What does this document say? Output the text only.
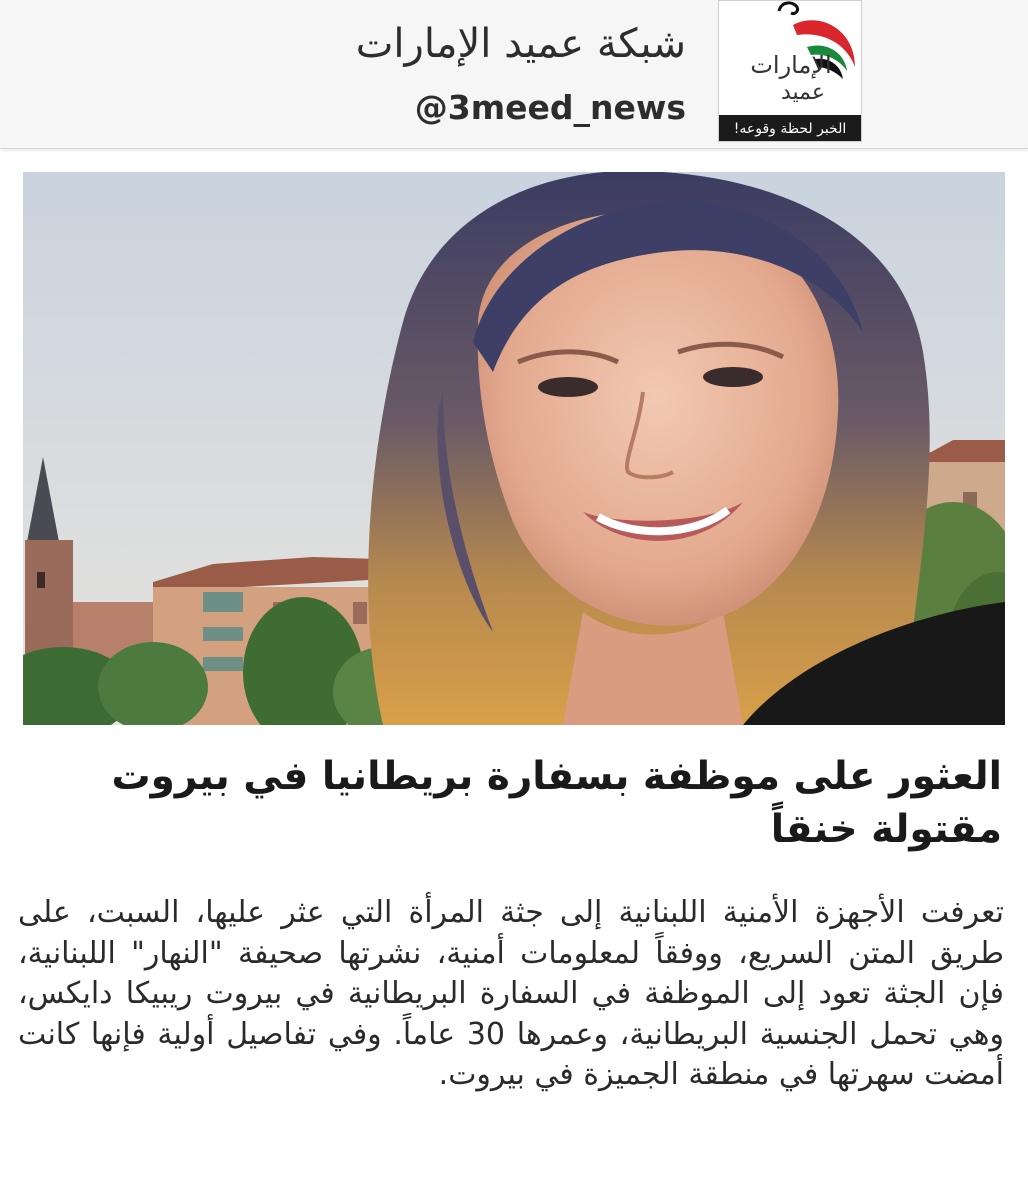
شبكة عميد الإمارات
@3meed_news
الإمارات
عميد
الخبر لحظة وقوعه!
العثور على موظفة بسفارة بريطانيا في بيروت مقتولة خنقاً

تعرفت الأجهزة الأمنية اللبنانية إلى جثة المرأة التي عثر عليها، السبت، على طريق المتن السريع، ووفقاً لمعلومات أمنية، نشرتها صحيفة "النهار" اللبنانية، فإن الجثة تعود إلى الموظفة في السفارة البريطانية في بيروت ريبيكا دايكس، وهي تحمل الجنسية البريطانية، وعمرها 30 عاماً. وفي تفاصيل أولية فإنها كانت أمضت سهرتها في منطقة الجميزة في بيروت.
